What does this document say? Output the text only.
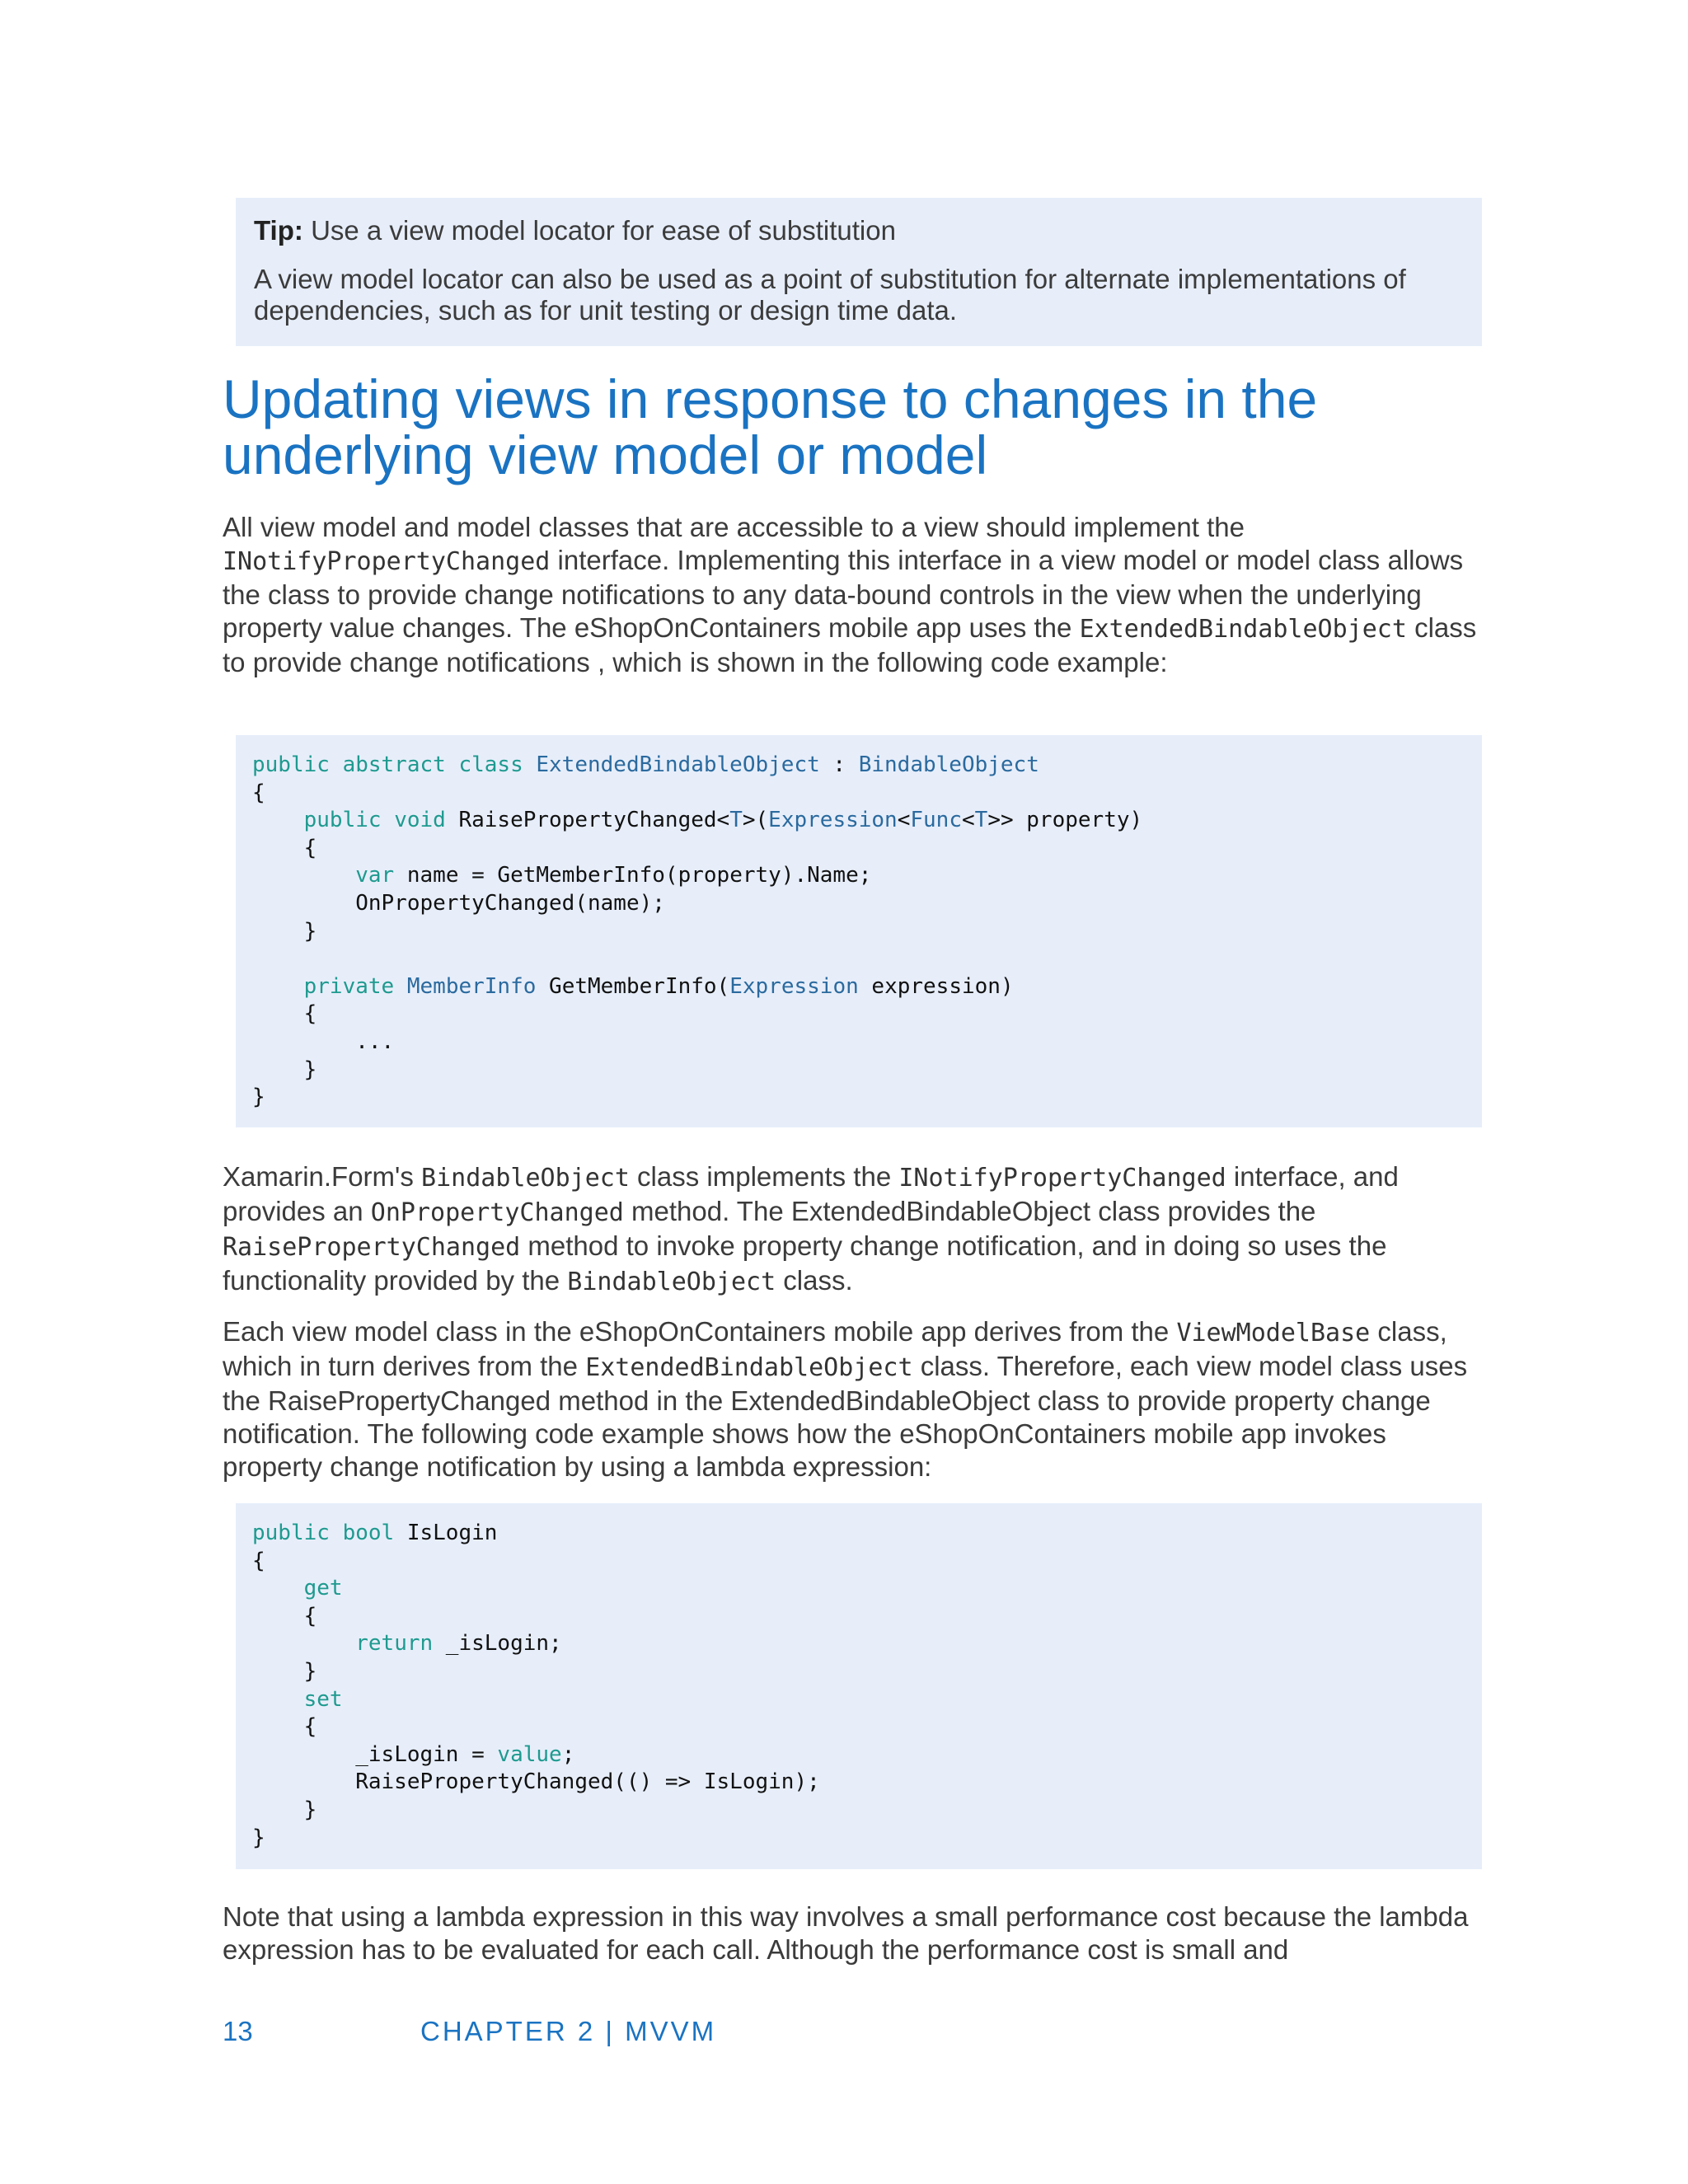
Tip: Use a view model locator for ease of substitution

A view model locator can also be used as a point of substitution for alternate implementations of dependencies, such as for unit testing or design time data.

Updating views in response to changes in the underlying view model or model

All view model and model classes that are accessible to a view should implement the INotifyPropertyChanged interface. Implementing this interface in a view model or model class allows the class to provide change notifications to any data-bound controls in the view when the underlying property value changes. The eShopOnContainers mobile app uses the ExtendedBindableObject class to provide change notifications , which is shown in the following code example:

public abstract class ExtendedBindableObject : BindableObject
{
public void RaisePropertyChanged<T>(Expression<Func<T>> property)
{
var name = GetMemberInfo(property).Name;
OnPropertyChanged(name);
}
private MemberInfo GetMemberInfo(Expression expression)
{
...
}
}

Xamarin.Form's BindableObject class implements the INotifyPropertyChanged interface, and provides an OnPropertyChanged method. The ExtendedBindableObject class provides the RaisePropertyChanged method to invoke property change notification, and in doing so uses the functionality provided by the BindableObject class.

Each view model class in the eShopOnContainers mobile app derives from the ViewModelBase class, which in turn derives from the ExtendedBindableObject class. Therefore, each view model class uses the RaisePropertyChanged method in the ExtendedBindableObject class to provide property change notification. The following code example shows how the eShopOnContainers mobile app invokes property change notification by using a lambda expression:

public bool IsLogin
{
get
{
return _isLogin;
}
set
{
_isLogin = value;
RaisePropertyChanged(() => IsLogin);
}
}

Note that using a lambda expression in this way involves a small performance cost because the lambda expression has to be evaluated for each call. Although the performance cost is small and

13	CHAPTER 2 | MVVM
